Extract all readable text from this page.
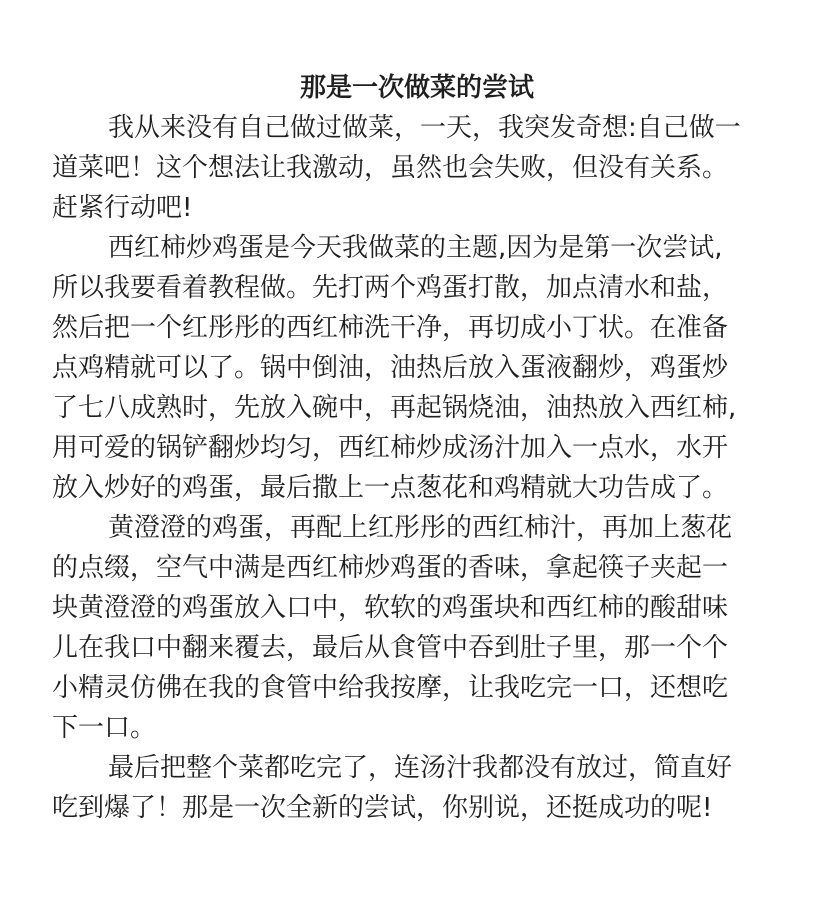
那是一次做菜的尝试

我从来没有自己做过做菜，一天，我突发奇想:自己做一

道菜吧！这个想法让我激动，虽然也会失败，但没有关系。

赶紧行动吧!

西红柿炒鸡蛋是今天我做菜的主题,因为是第一次尝试,

所以我要看着教程做。先打两个鸡蛋打散，加点清水和盐，

然后把一个红彤彤的西红柿洗干净，再切成小丁状。在准备

点鸡精就可以了。锅中倒油，油热后放入蛋液翻炒，鸡蛋炒

了七八成熟时，先放入碗中，再起锅烧油，油热放入西红柿,

用可爱的锅铲翻炒均匀，西红柿炒成汤汁加入一点水，水开

放入炒好的鸡蛋，最后撒上一点葱花和鸡精就大功告成了。

黄澄澄的鸡蛋，再配上红彤彤的西红柿汁，再加上葱花

的点缀，空气中满是西红柿炒鸡蛋的香味，拿起筷子夹起一

块黄澄澄的鸡蛋放入口中，软软的鸡蛋块和西红柿的酸甜味

儿在我口中翻来覆去，最后从食管中吞到肚子里，那一个个

小精灵仿佛在我的食管中给我按摩，让我吃完一口，还想吃

下一口。

最后把整个菜都吃完了，连汤汁我都没有放过，简直好

吃到爆了！那是一次全新的尝试，你别说，还挺成功的呢!
